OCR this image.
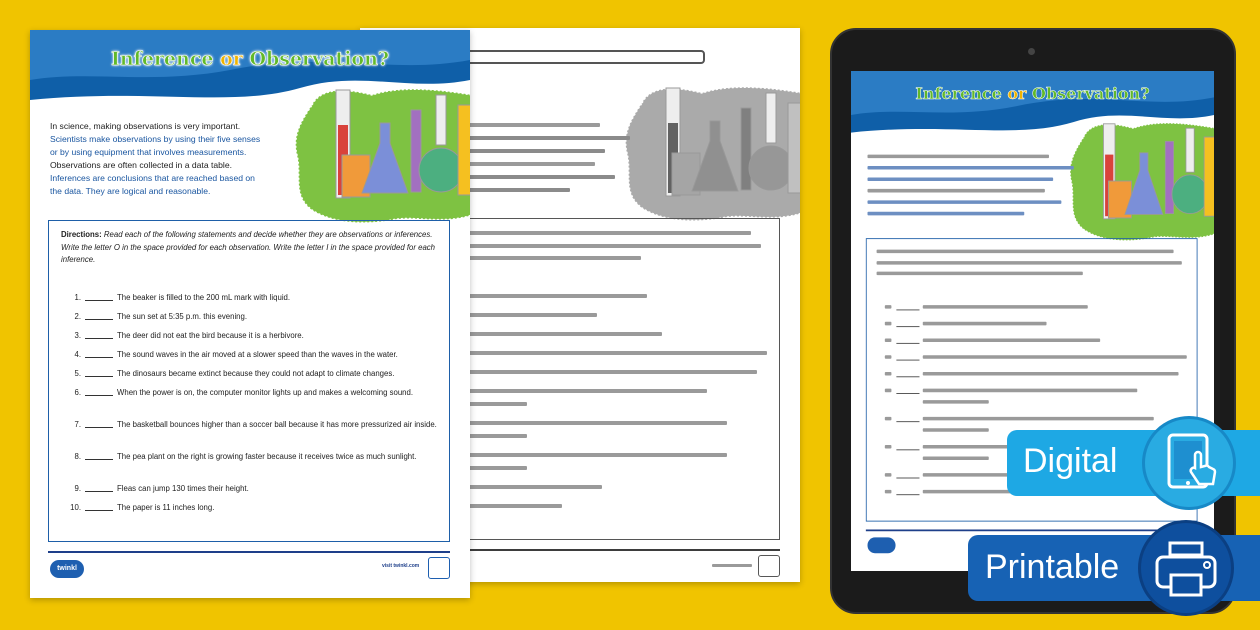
Inference or Observation?
In science, making observations is very important.
Scientists make observations by using their five senses
or by using equipment that involves measurements.
Observations are often collected in a data table.
Inferences are conclusions that are reached based on
the data. They are logical and reasonable.
Directions: Read each of the following statements and decide whether they are observations or inferences. Write the letter O in the space provided for each observation. Write the letter I in the space provided for each inference.
1.	The beaker is filled to the 200 mL mark with liquid.
2.	The sun set at 5:35 p.m. this evening.
3.	The deer did not eat the bird because it is a herbivore.
4.	The sound waves in the air moved at a slower speed than the waves in the water.
5.	The dinosaurs became extinct because they could not adapt to climate changes.
6.	When the power is on, the computer monitor lights up and makes a welcoming sound.
7.	The basketball bounces higher than a soccer ball because it has more pressurized air inside.
8.	The pea plant on the right is growing faster because it receives twice as much sunlight.
9.	Fleas can jump 130 times their height.
10.	The paper is 11 inches long.
twinkl	visit twinkl.com
Inference or Observation?
Digital
Printable
